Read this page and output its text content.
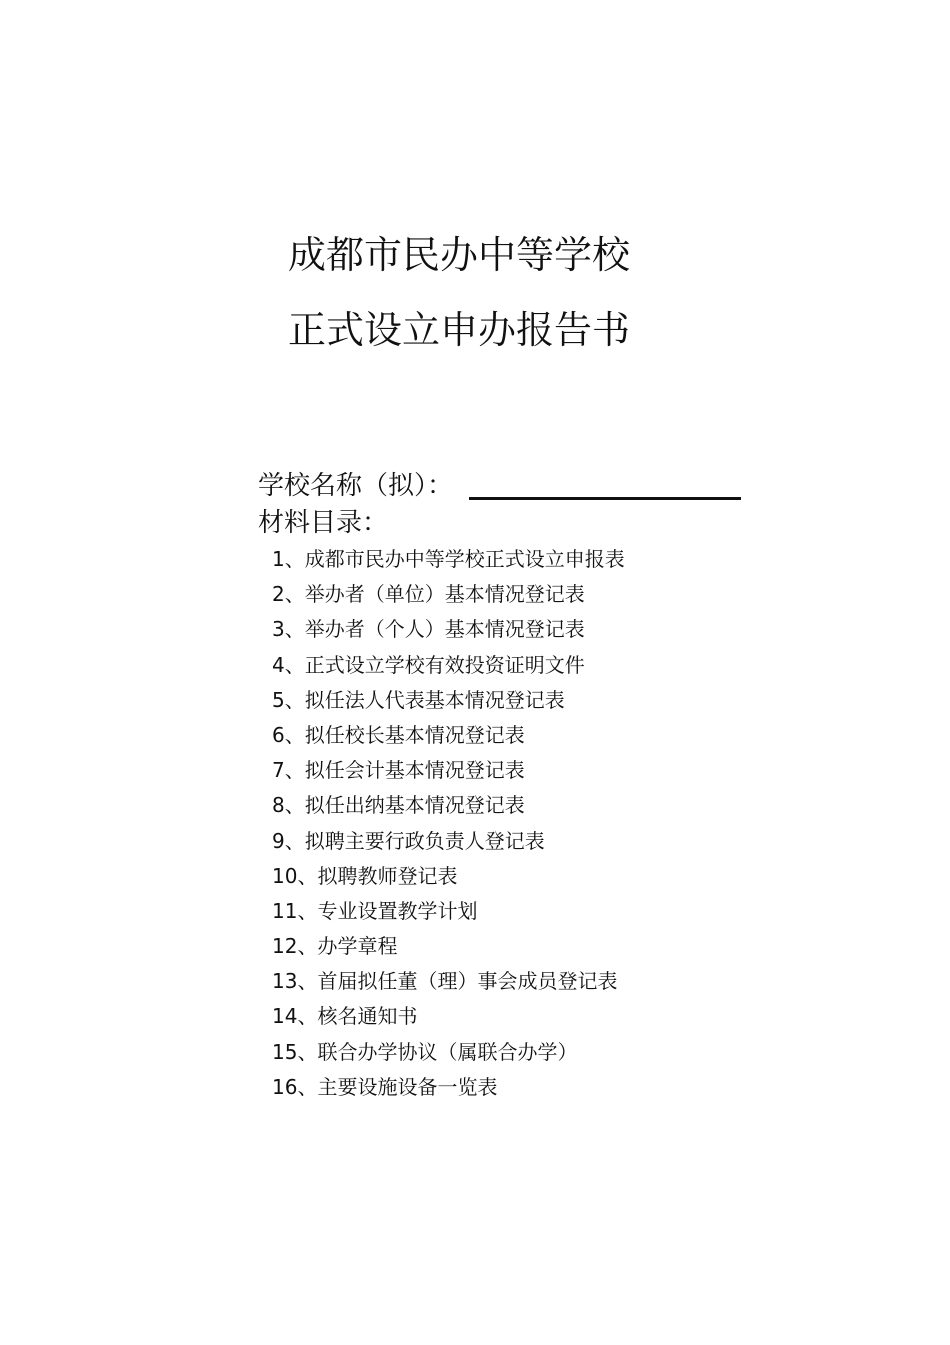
成都市民办中等学校
正式设立申办报告书
学校名称（拟）：
材料目录：
1、成都市民办中等学校正式设立申报表
2、举办者（单位）基本情况登记表
3、举办者（个人）基本情况登记表
4、正式设立学校有效投资证明文件
5、拟任法人代表基本情况登记表
6、拟任校长基本情况登记表
7、拟任会计基本情况登记表
8、拟任出纳基本情况登记表
9、拟聘主要行政负责人登记表
10、拟聘教师登记表
11、专业设置教学计划
12、办学章程
13、首届拟任董（理）事会成员登记表
14、核名通知书
15、联合办学协议（属联合办学）
16、主要设施设备一览表
